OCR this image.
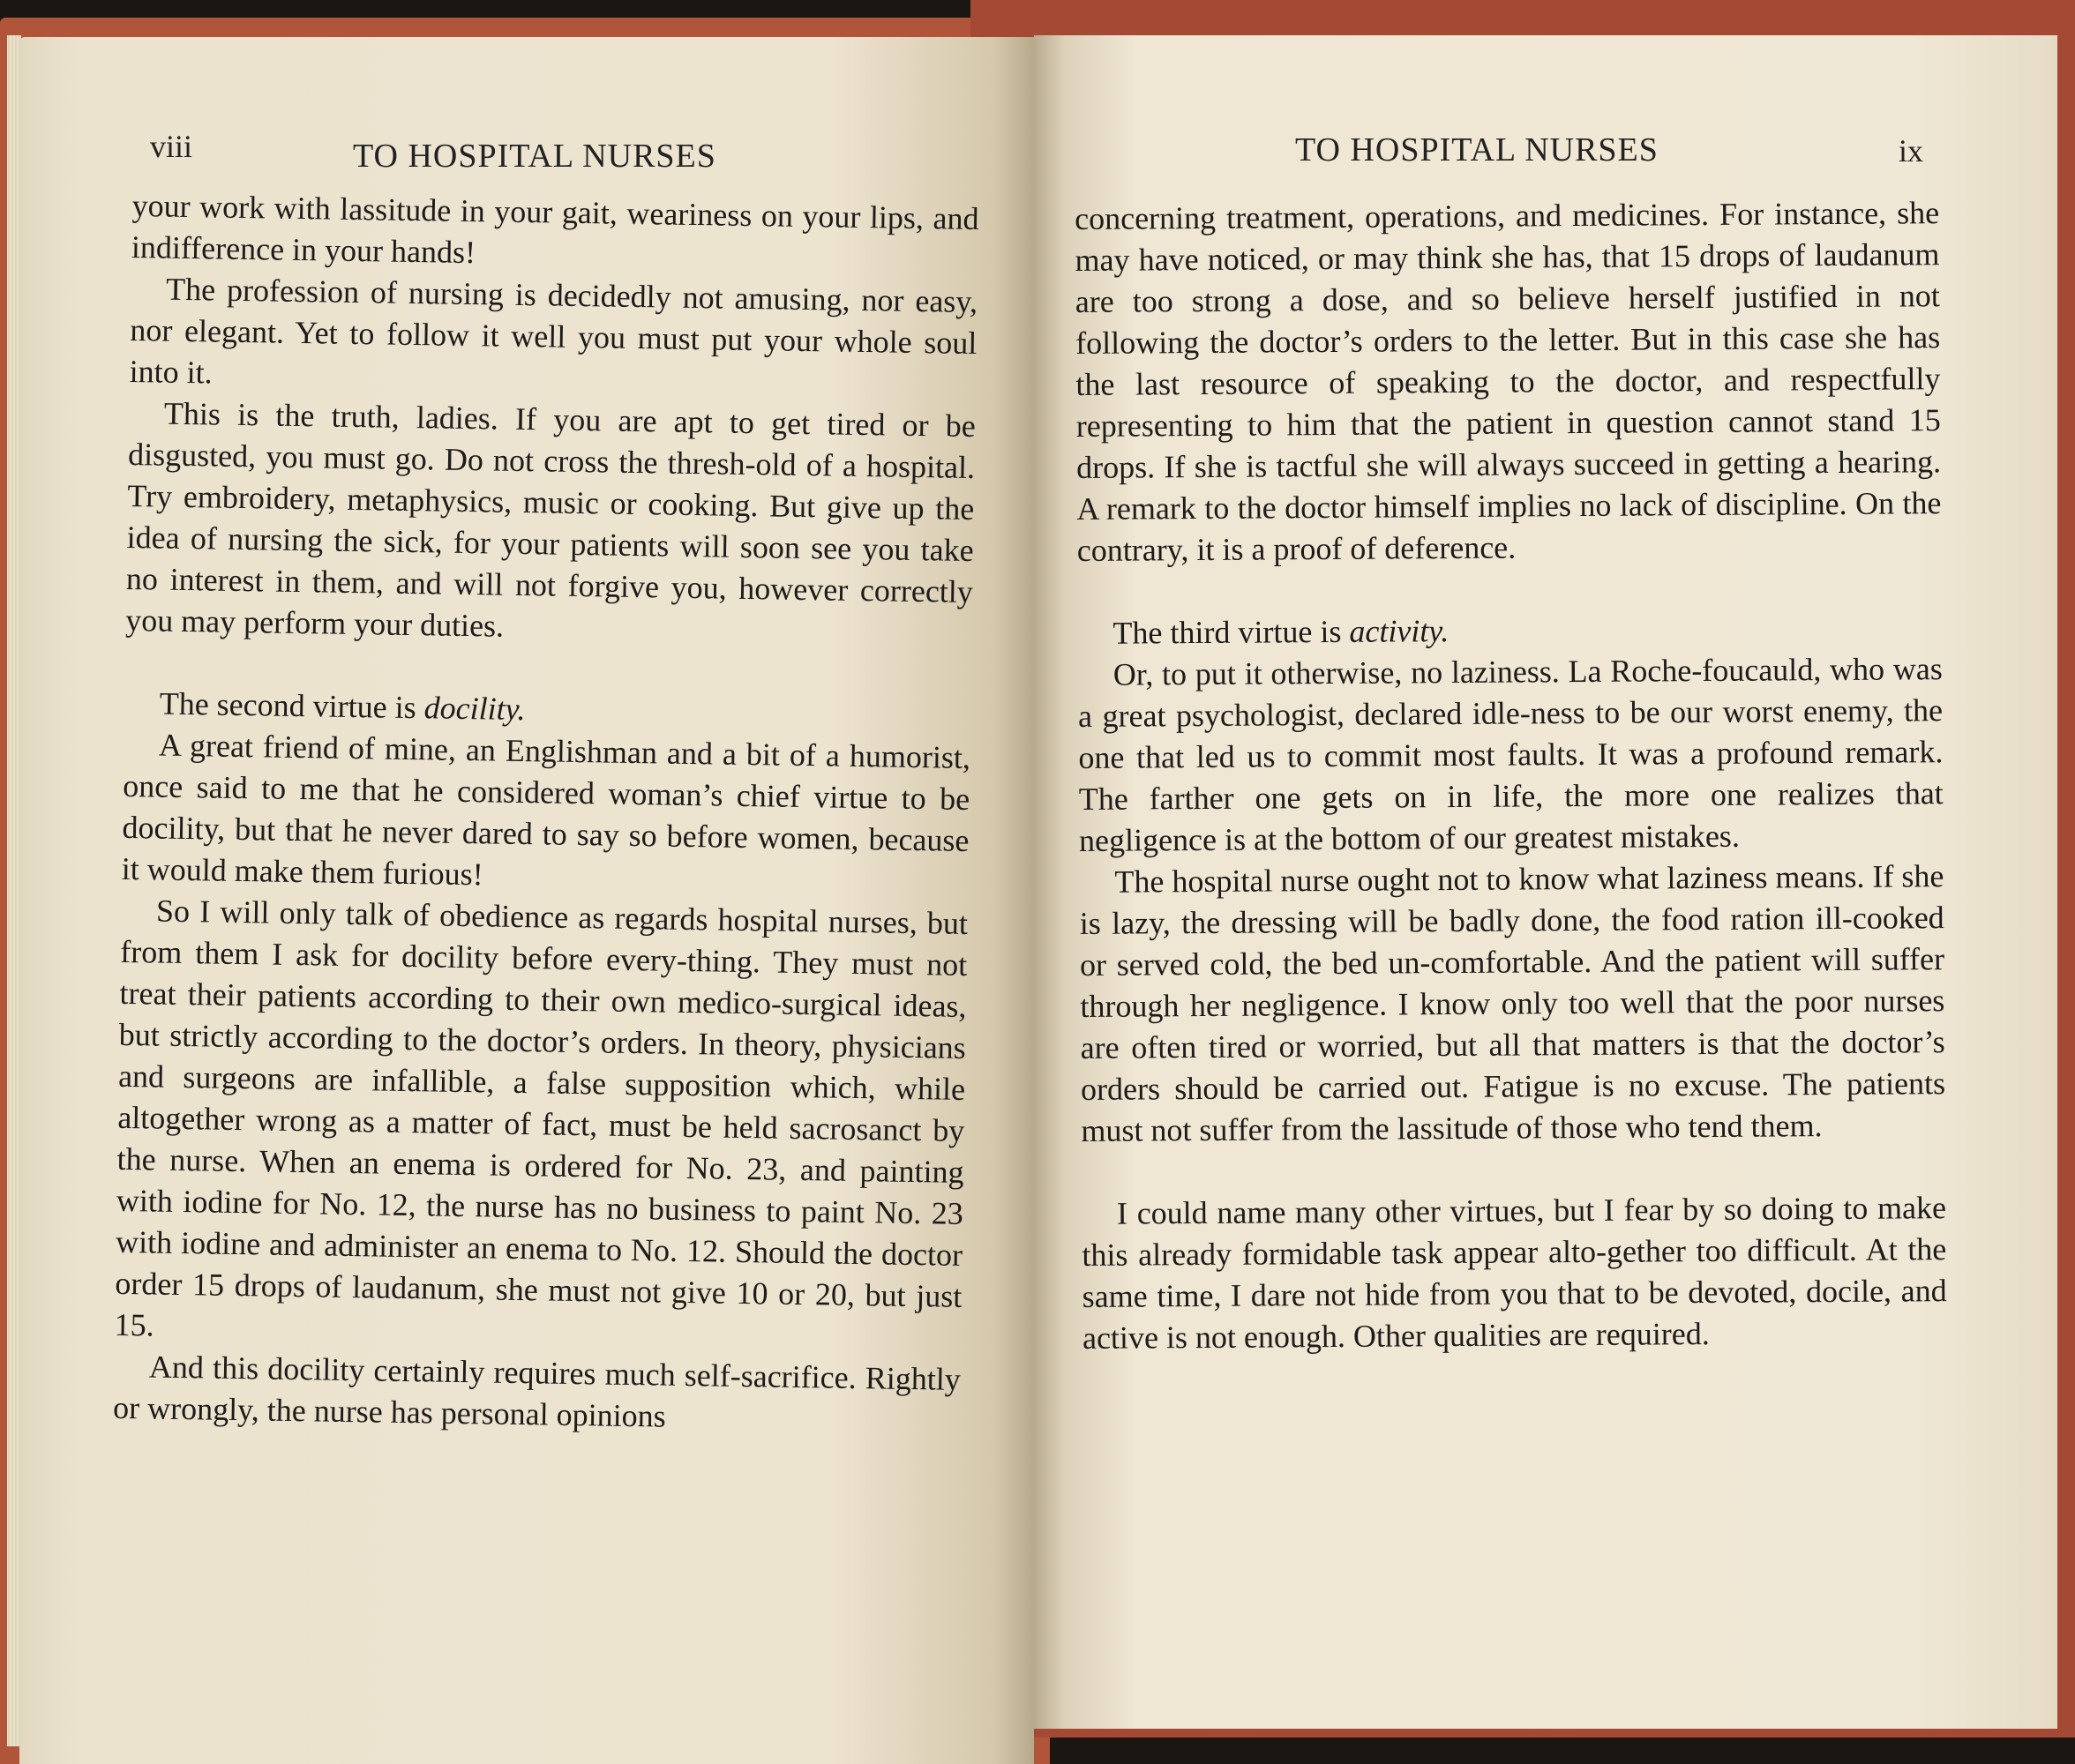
viii	TO HOSPITAL NURSES

your work with lassitude in your gait, weariness on your lips, and indifference in your hands!

The profession of nursing is decidedly not amusing, nor easy, nor elegant. Yet to follow it well you must put your whole soul into it.

This is the truth, ladies. If you are apt to get tired or be disgusted, you must go. Do not cross the thresh-old of a hospital. Try embroidery, metaphysics, music or cooking. But give up the idea of nursing the sick, for your patients will soon see you take no interest in them, and will not forgive you, however correctly you may perform your duties.

The second virtue is docility.

A great friend of mine, an Englishman and a bit of a humorist, once said to me that he considered woman’s chief virtue to be docility, but that he never dared to say so before women, because it would make them furious!

So I will only talk of obedience as regards hospital nurses, but from them I ask for docility before every-thing. They must not treat their patients according to their own medico-surgical ideas, but strictly according to the doctor’s orders. In theory, physicians and surgeons are infallible, a false supposition which, while altogether wrong as a matter of fact, must be held sacrosanct by the nurse. When an enema is ordered for No. 23, and painting with iodine for No. 12, the nurse has no business to paint No. 23 with iodine and administer an enema to No. 12. Should the doctor order 15 drops of laudanum, she must not give 10 or 20, but just 15.

And this docility certainly requires much self-sacrifice. Rightly or wrongly, the nurse has personal opinions

TO HOSPITAL NURSES	ix

concerning treatment, operations, and medicines. For instance, she may have noticed, or may think she has, that 15 drops of laudanum are too strong a dose, and so believe herself justified in not following the doctor’s orders to the letter. But in this case she has the last resource of speaking to the doctor, and respectfully representing to him that the patient in question cannot stand 15 drops. If she is tactful she will always succeed in getting a hearing. A remark to the doctor himself implies no lack of discipline. On the contrary, it is a proof of deference.

The third virtue is activity.

Or, to put it otherwise, no laziness. La Roche-foucauld, who was a great psychologist, declared idle-ness to be our worst enemy, the one that led us to commit most faults. It was a profound remark. The farther one gets on in life, the more one realizes that negligence is at the bottom of our greatest mistakes.

The hospital nurse ought not to know what laziness means. If she is lazy, the dressing will be badly done, the food ration ill-cooked or served cold, the bed un-comfortable. And the patient will suffer through her negligence. I know only too well that the poor nurses are often tired or worried, but all that matters is that the doctor’s orders should be carried out. Fatigue is no excuse. The patients must not suffer from the lassitude of those who tend them.

I could name many other virtues, but I fear by so doing to make this already formidable task appear alto-gether too difficult. At the same time, I dare not hide from you that to be devoted, docile, and active is not enough. Other qualities are required.
